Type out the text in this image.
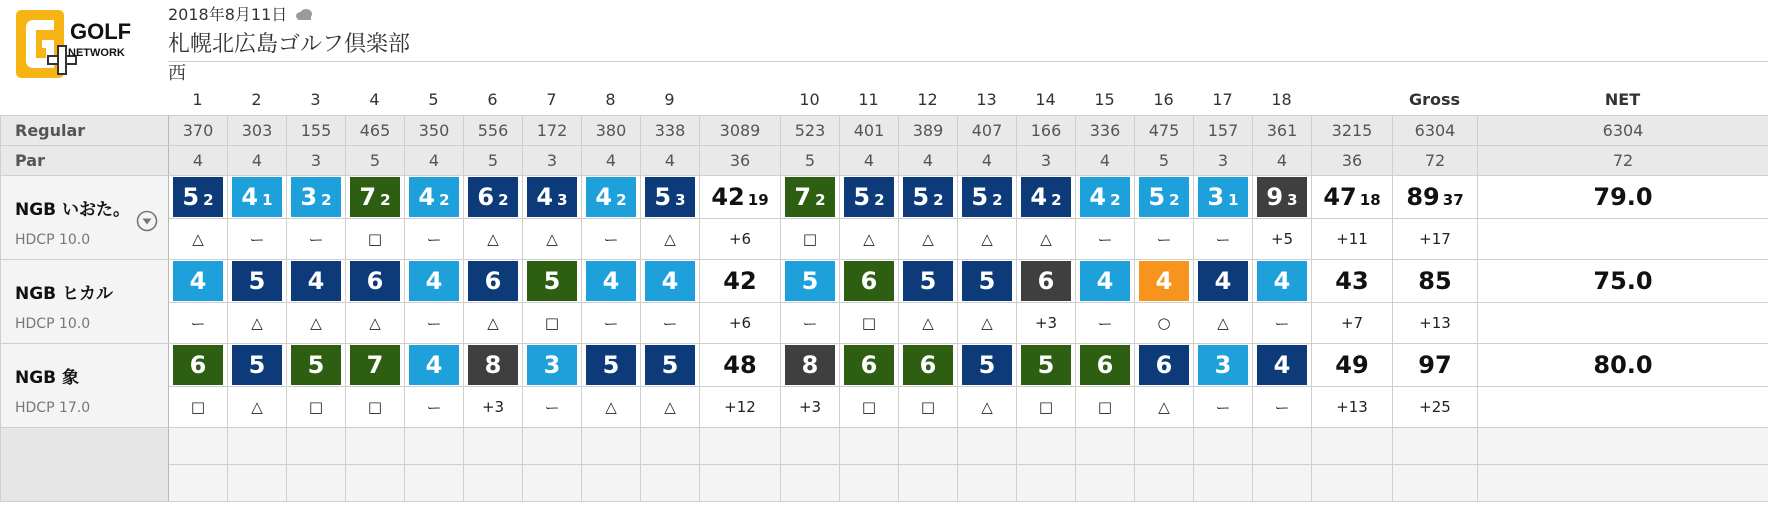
GOLF
NETWORK
2018年8月11日
札幌北広島ゴルフ倶楽部
西
1	2	3	4	5	6	7	8	9	10	11	12	13	14	15	16	17	18	Gross	NET
Regular	370	303	155	465	350	556	172	380	338	3089	523	401	389	407	166	336	475	157	361	3215	6304	6304
Par	4	4	3	5	4	5	3	4	4	36	5	4	4	4	3	4	5	3	4	36	72	72

NGB いおた。
HDCP 10.0	5 2	4 1	3 2	7 2	4 2	6 2	4 3	4 2	5 3	42 19	7 2	5 2	5 2	5 2	4 2	4 2	5 2	3 1	9 3	47 18	89 37	79.0
	△	ー	ー	□	ー	△	△	ー	△	+6	□	△	△	△	△	ー	ー	ー	+5	+11	+17	

NGB ヒカル
HDCP 10.0	4	5	4	6	4	6	5	4	4	42	5	6	5	5	6	4	4	4	4	43	85	75.0
	ー	△	△	△	ー	△	□	ー	ー	+6	ー	□	△	△	+3	ー	○	△	ー	+7	+13	

NGB 象
HDCP 17.0	6	5	5	7	4	8	3	5	5	48	8	6	6	5	5	6	6	3	4	49	97	80.0
	□	△	□	□	ー	+3	ー	△	△	+12	+3	□	□	△	□	□	△	ー	ー	+13	+25	
